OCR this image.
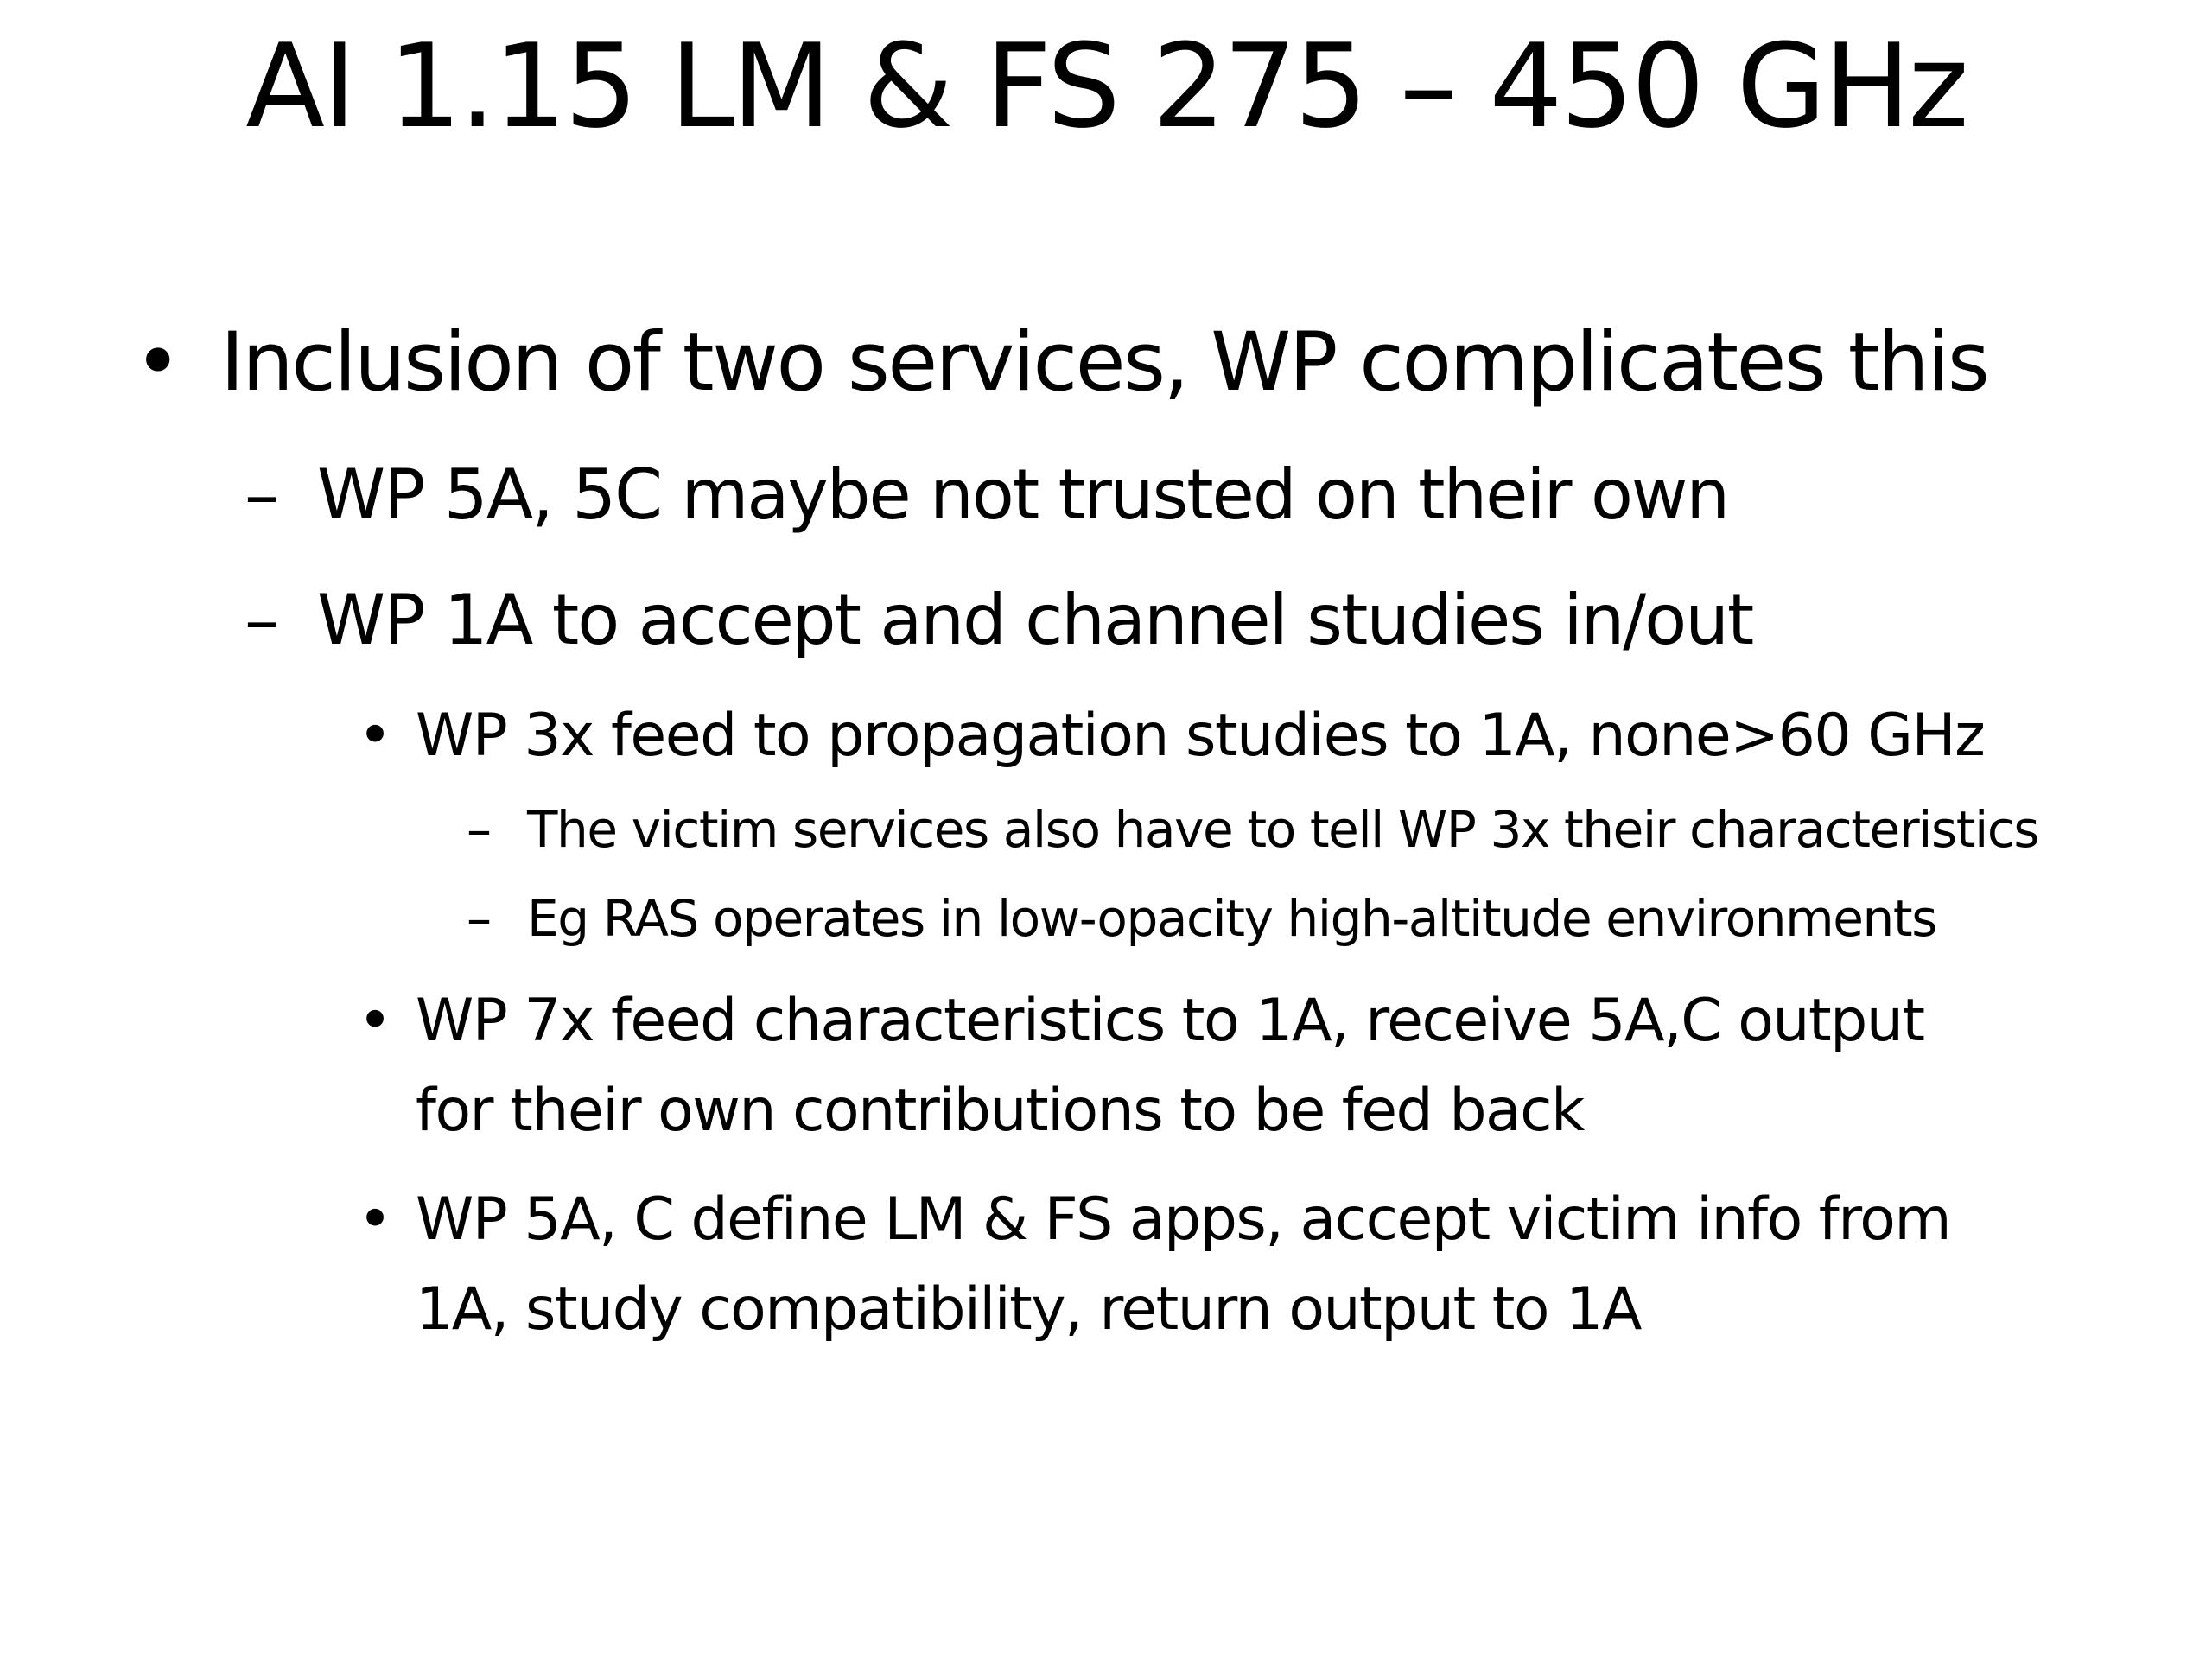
AI 1.15 LM & FS 275 – 450 GHz
• Inclusion of two services, WP complicates this
– WP 5A, 5C maybe not trusted on their own
– WP 1A to accept and channel studies in/out
• WP 3x feed to propagation studies to 1A, none>60 GHz
– The victim services also have to tell WP 3x their characteristics
– Eg RAS operates in low-opacity high-altitude environments
• WP 7x feed characteristics to 1A, receive 5A,C output
for their own contributions to be fed back
• WP 5A, C define LM & FS apps, accept victim info from
1A, study compatibility, return output to 1A
